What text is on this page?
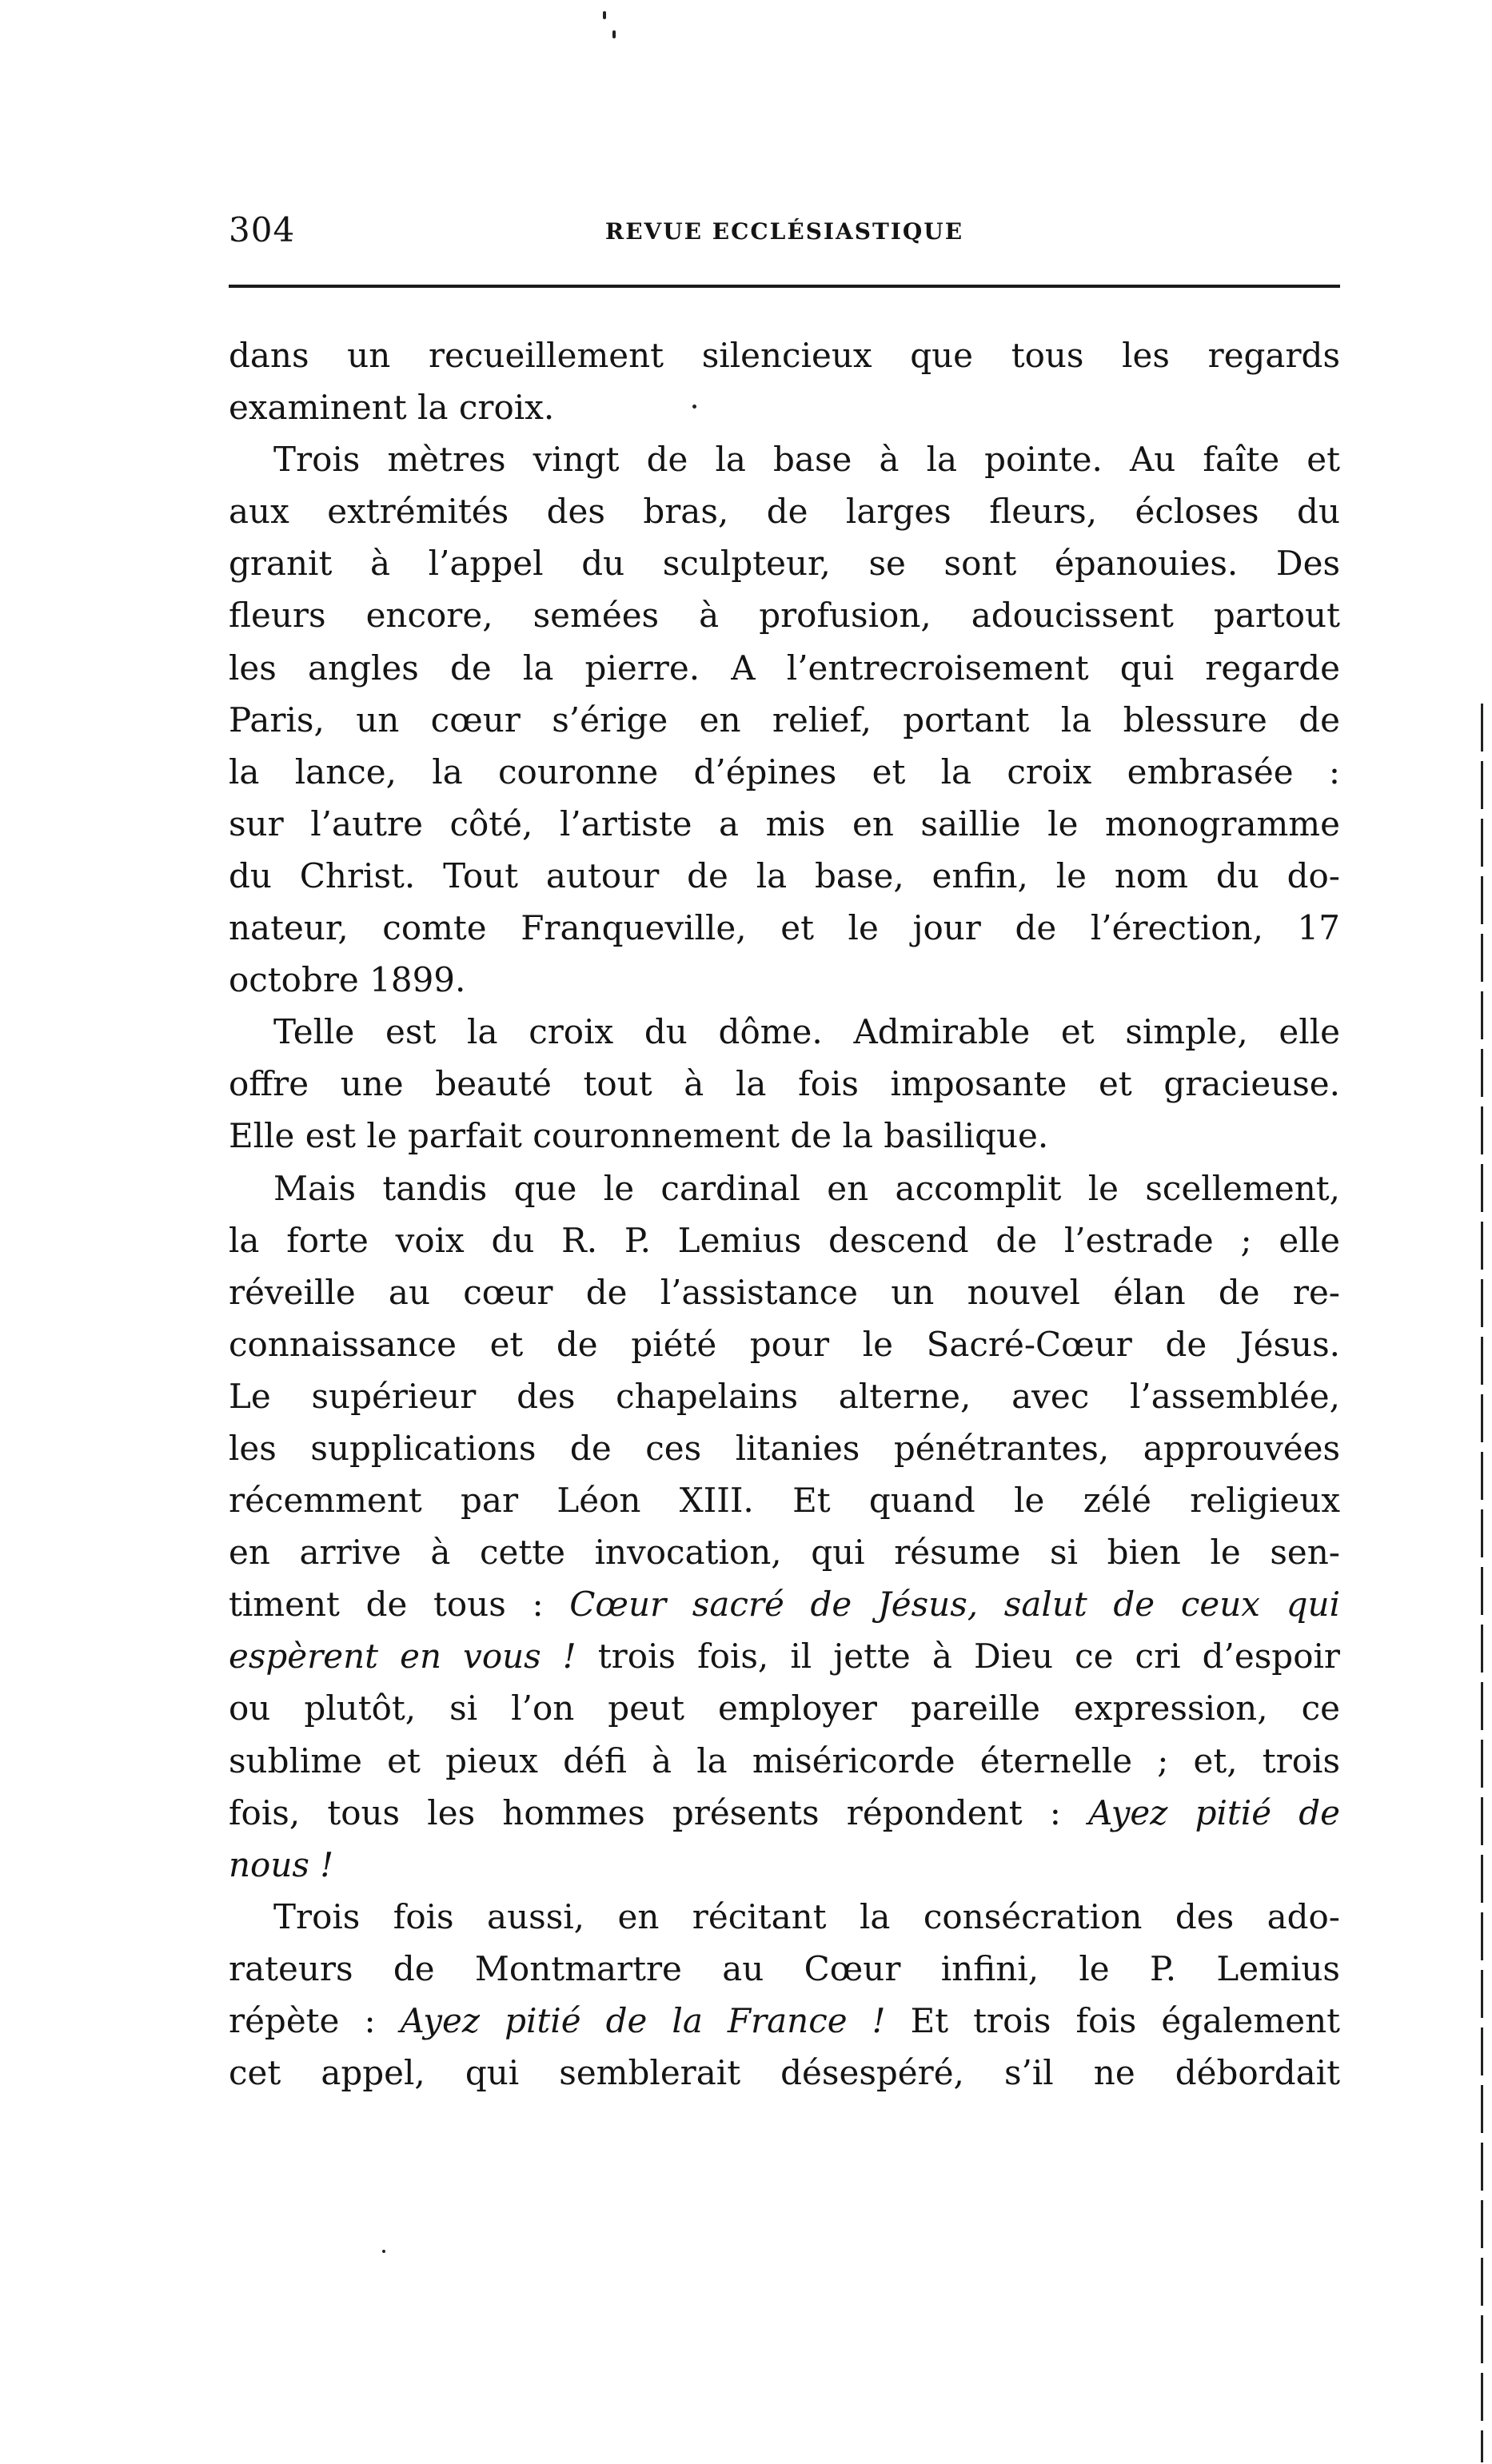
304	REVUE ECCLÉSIASTIQUE
dans un recueillement silencieux que tous les regards
examinent la croix.
Trois mètres vingt de la base à la pointe. Au faîte et
aux extrémités des bras, de larges fleurs, écloses du
granit à l’appel du sculpteur, se sont épanouies. Des
fleurs encore, semées à profusion, adoucissent partout
les angles de la pierre. A l’entrecroisement qui regarde
Paris, un cœur s’érige en relief, portant la blessure de
la lance, la couronne d’épines et la croix embrasée :
sur l’autre côté, l’artiste a mis en saillie le monogramme
du Christ. Tout autour de la base, enfin, le nom du do-
nateur, comte Franqueville, et le jour de l’érection, 17
octobre 1899.
Telle est la croix du dôme. Admirable et simple, elle
offre une beauté tout à la fois imposante et gracieuse.
Elle est le parfait couronnement de la basilique.
Mais tandis que le cardinal en accomplit le scellement,
la forte voix du R. P. Lemius descend de l’estrade ; elle
réveille au cœur de l’assistance un nouvel élan de re-
connaissance et de piété pour le Sacré-Cœur de Jésus.
Le supérieur des chapelains alterne, avec l’assemblée,
les supplications de ces litanies pénétrantes, approuvées
récemment par Léon XIII. Et quand le zélé religieux
en arrive à cette invocation, qui résume si bien le sen-
timent de tous : Cœur sacré de Jésus, salut de ceux qui
espèrent en vous ! trois fois, il jette à Dieu ce cri d’espoir
ou plutôt, si l’on peut employer pareille expression, ce
sublime et pieux défi à la miséricorde éternelle ; et, trois
fois, tous les hommes présents répondent : Ayez pitié de
nous !
Trois fois aussi, en récitant la consécration des ado-
rateurs de Montmartre au Cœur infini, le P. Lemius
répète : Ayez pitié de la France ! Et trois fois également
cet appel, qui semblerait désespéré, s’il ne débordait
